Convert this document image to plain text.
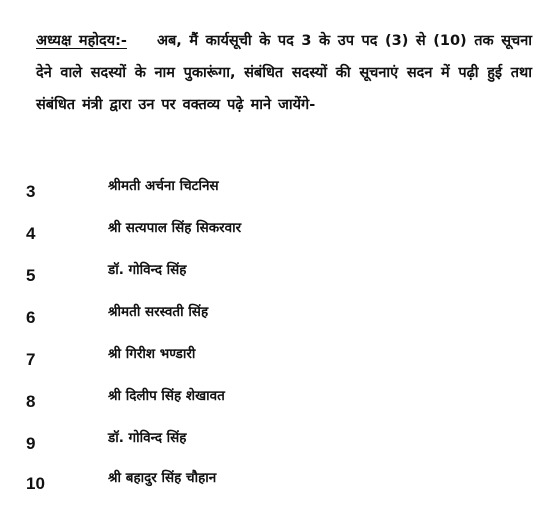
अध्यक्ष महोदय:- अब, मैं कार्यसूची के पद 3 के उप पद (3) से (10) तक सूचना देने वाले सदस्यों के नाम पुकारूंगा, संबंधित सदस्यों की सूचनाएं सदन में पढ़ी हुई तथा संबंधित मंत्री द्वारा उन पर वक्तव्य पढ़े माने जायेंगे-

3	श्रीमती अर्चना चिटनिस
4	श्री सत्यपाल सिंह सिकरवार
5	डॉ. गोविन्द सिंह
6	श्रीमती सरस्वती सिंह
7	श्री गिरीश भण्डारी
8	श्री दिलीप सिंह शेखावत
9	डॉ. गोविन्द सिंह
10	श्री बहादुर सिंह चौहान
